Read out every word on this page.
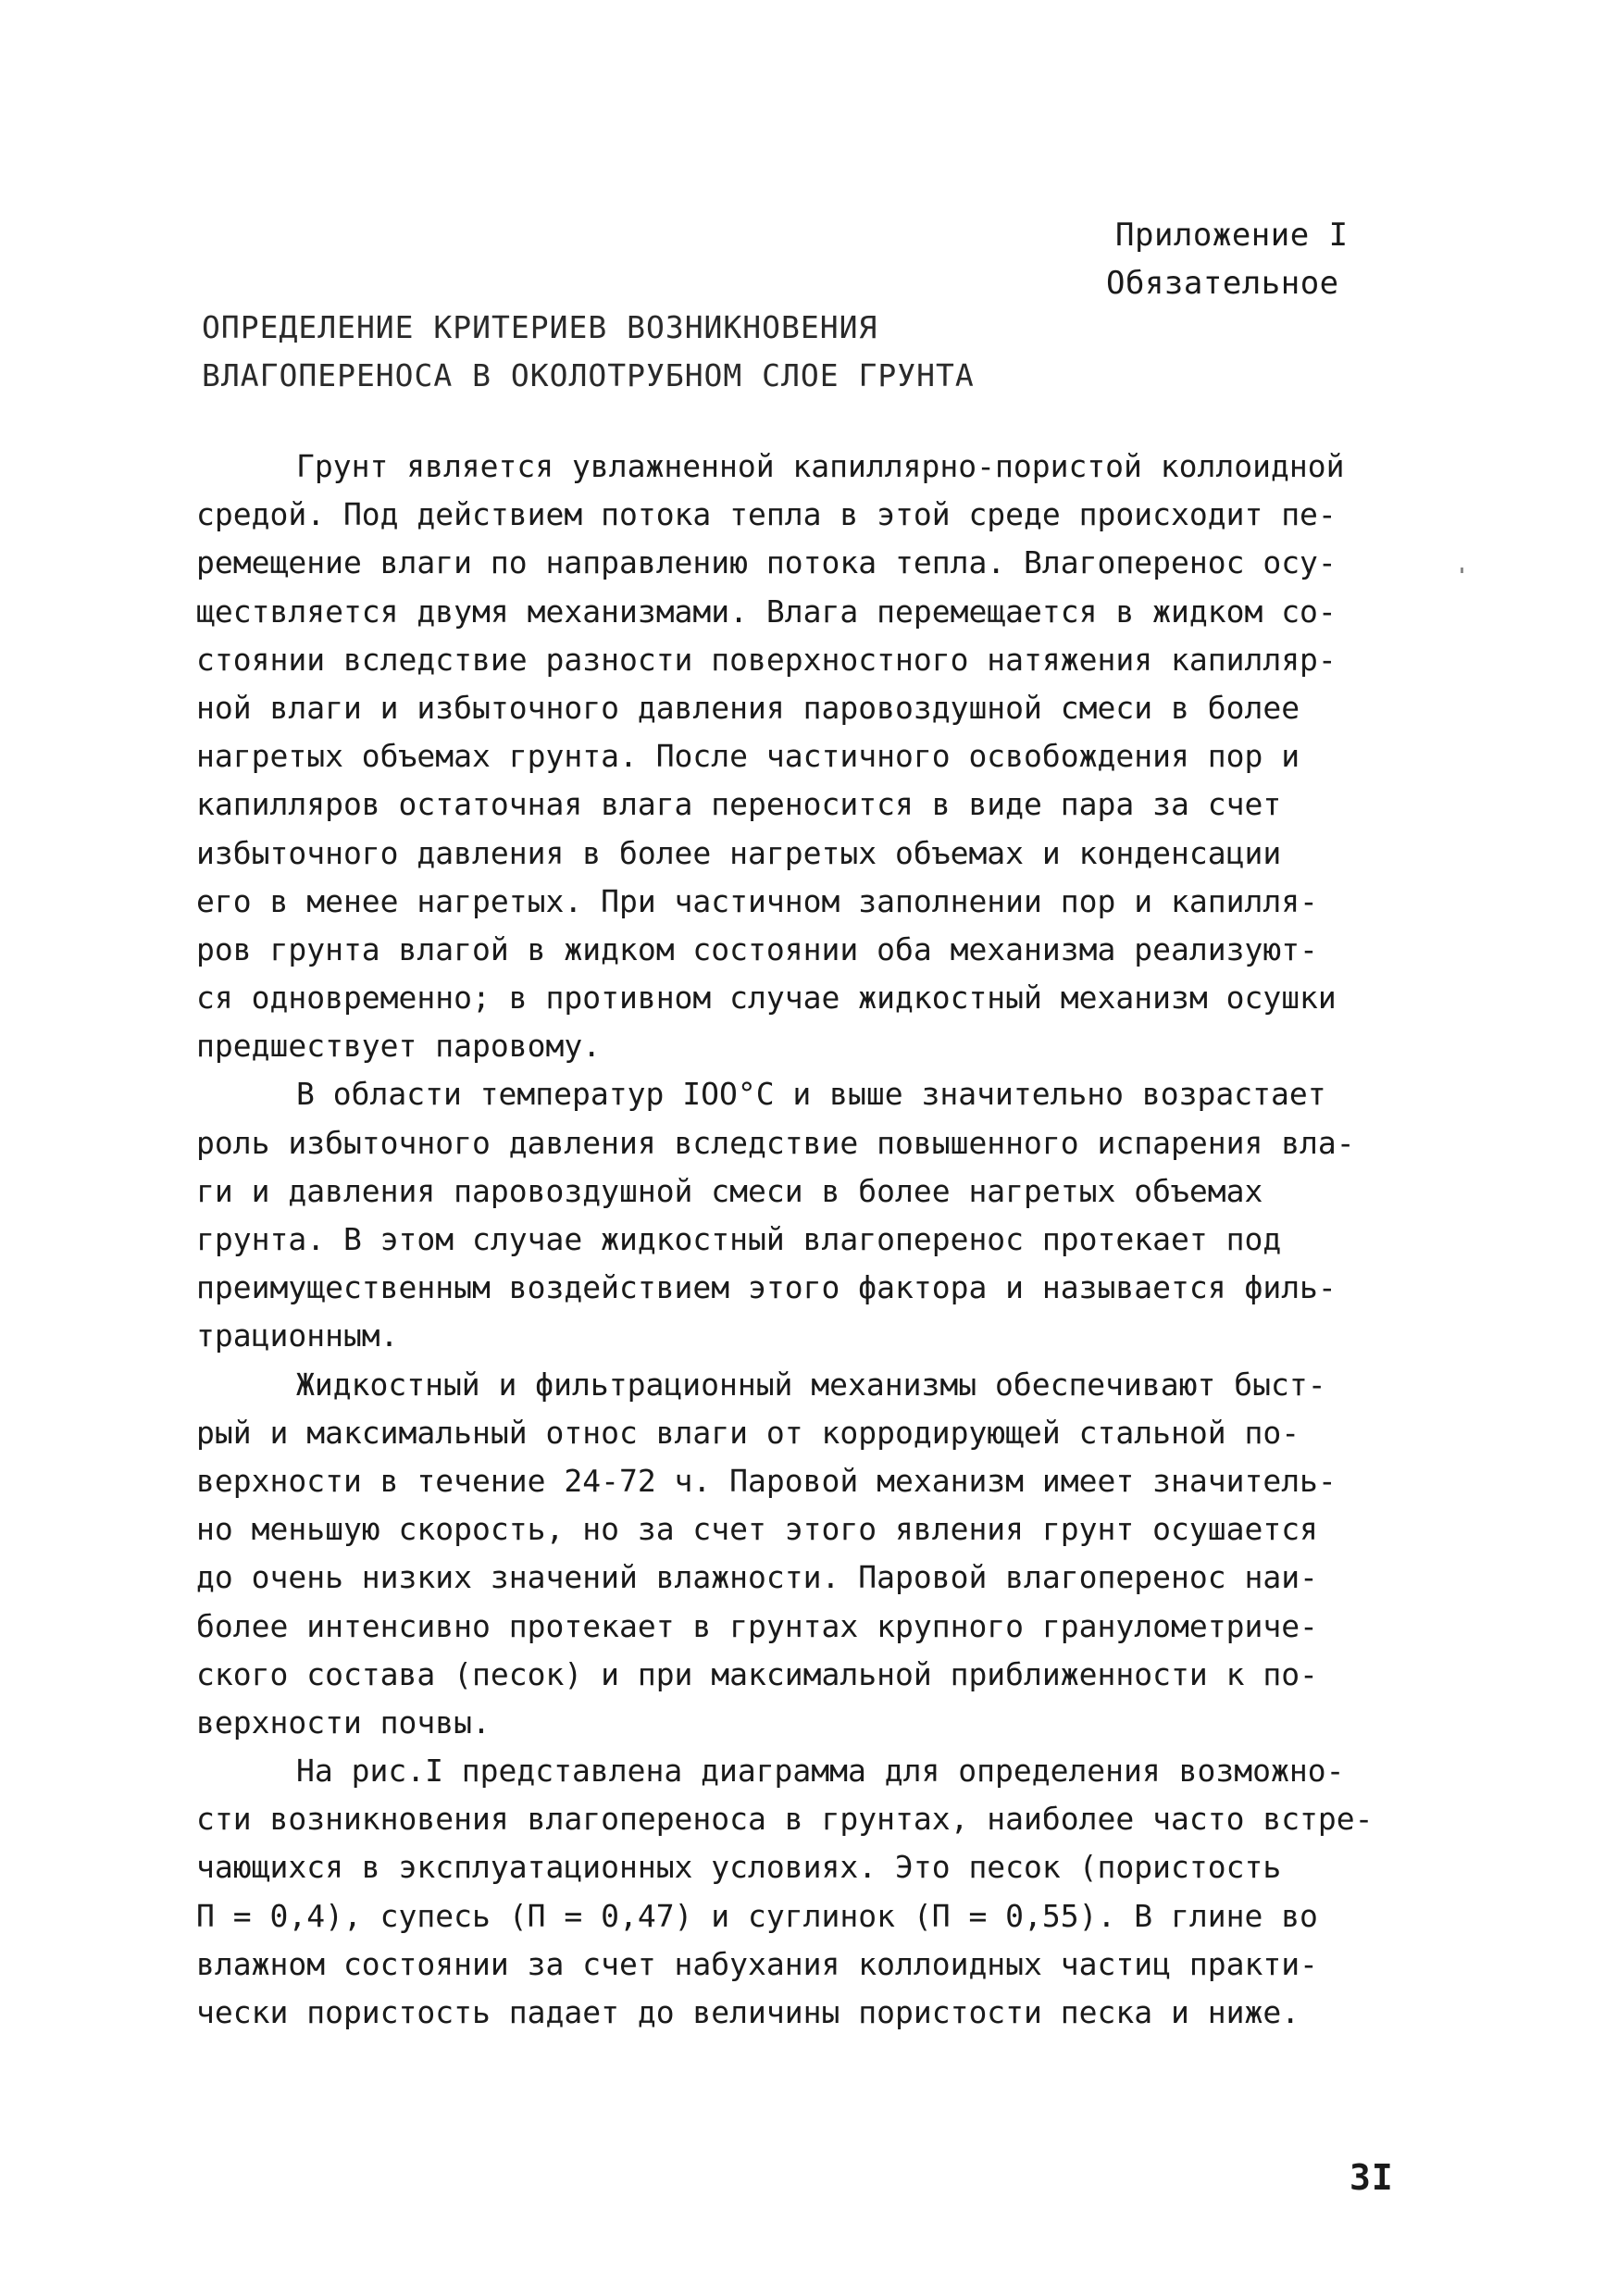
Приложение I
Обязательное
ОПРЕДЕЛЕНИЕ КРИТЕРИЕВ ВОЗНИКНОВЕНИЯ
ВЛАГОПЕРЕНОСА В ОКОЛОТРУБНОМ СЛОЕ ГРУНТА
Грунт является увлажненной капиллярно-пористой коллоидной
средой. Под действием потока тепла в этой среде происходит пе-
ремещение влаги по направлению потока тепла. Влагоперенос осу-
ществляется двумя механизмами. Влага перемещается в жидком со-
стоянии вследствие разности поверхностного натяжения капилляр-
ной влаги и избыточного давления паровоздушной смеси в более
нагретых объемах грунта. После частичного освобождения пор и
капилляров остаточная влага переносится в виде пара за счет
избыточного давления в более нагретых объемах и конденсации
его в менее нагретых. При частичном заполнении пор и капилля-
ров грунта влагой в жидком состоянии оба механизма реализуют-
ся одновременно; в противном случае жидкостный механизм осушки
предшествует паровому.
В области температур IOO°C и выше значительно возрастает
роль избыточного давления вследствие повышенного испарения вла-
ги и давления паровоздушной смеси в более нагретых объемах
грунта. В этом случае жидкостный влагоперенос протекает под
преимущественным воздействием этого фактора и называется филь-
трационным.
Жидкостный и фильтрационный механизмы обеспечивают быст-
рый и максимальный относ влаги от корродирующей стальной по-
верхности в течение 24-72 ч. Паровой механизм имеет значитель-
но меньшую скорость, но за счет этого явления грунт осушается
до очень низких значений влажности. Паровой влагоперенос наи-
более интенсивно протекает в грунтах крупного гранулометриче-
ского состава (песок) и при максимальной приближенности к по-
верхности почвы.
На рис.I представлена диаграмма для определения возможно-
сти возникновения влагопереноса в грунтах, наиболее часто встре-
чающихся в эксплуатационных условиях. Это песок (пористость
П = 0,4), супесь (П = 0,47) и суглинок (П = 0,55). В глине во
влажном состоянии за счет набухания коллоидных частиц практи-
чески пористость падает до величины пористости песка и ниже.
3I
